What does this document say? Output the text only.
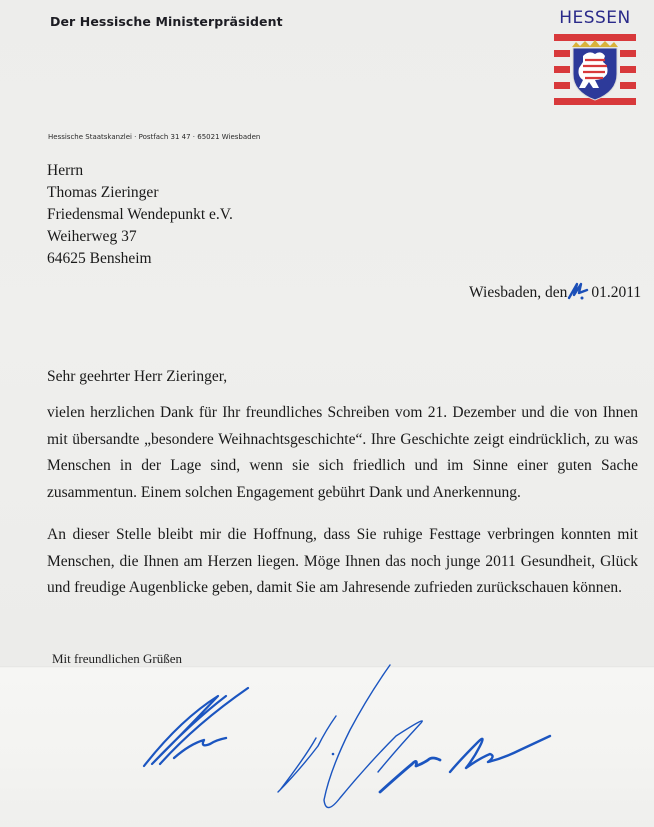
Der Hessische Ministerpräsident	HESSEN
Hessische Staatskanzlei · Postfach 31 47 · 65021 Wiesbaden
Herrn
Thomas Zieringer
Friedensmal Wendepunkt e.V.
Weiherweg 37
64625 Bensheim
Wiesbaden, den 01.2011
Sehr geehrter Herr Zieringer,
vielen herzlichen Dank für Ihr freundliches Schreiben vom 21. Dezember und die von Ihnen mit übersandte „besondere Weihnachtsgeschichte“. Ihre Geschichte zeigt eindrücklich, zu was Menschen in der Lage sind, wenn sie sich friedlich und im Sinne einer guten Sache zusammentun. Einem solchen Engagement gebührt Dank und Anerkennung.
An dieser Stelle bleibt mir die Hoffnung, dass Sie ruhige Festtage verbringen konnten mit Menschen, die Ihnen am Herzen liegen. Möge Ihnen das noch junge 2011 Gesundheit, Glück und freudige Augenblicke geben, damit Sie am Jahresende zufrieden zurückschauen können.
Mit freundlichen Grüßen
